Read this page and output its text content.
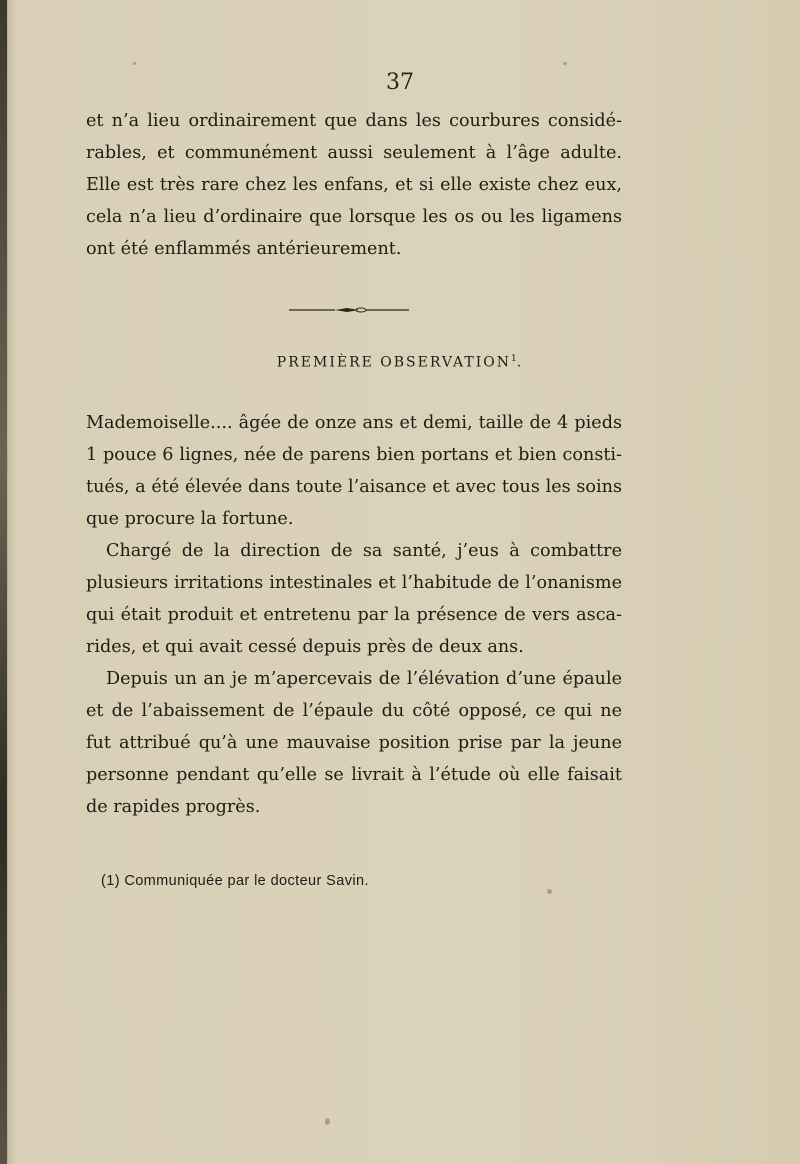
37
et n’a lieu ordinairement que dans les courbures considé-
rables, et communément aussi seulement à l’âge adulte.
Elle est très rare chez les enfans, et si elle existe chez eux,
cela n’a lieu d’ordinaire que lorsque les os ou les ligamens
ont été enflammés antérieurement.
PREMIÈRE OBSERVATION$^1$.
Mademoiselle.... âgée de onze ans et demi, taille de 4 pieds
1 pouce 6 lignes, née de parens bien portans et bien consti-
tués, a été élevée dans toute l’aisance et avec tous les soins
que procure la fortune.
Chargé de la direction de sa santé, j’eus à combattre
plusieurs irritations intestinales et l’habitude de l’onanisme
qui était produit et entretenu par la présence de vers asca-
rides, et qui avait cessé depuis près de deux ans.
Depuis un an je m’apercevais de l’élévation d’une épaule
et de l’abaissement de l’épaule du côté opposé, ce qui ne
fut attribué qu’à une mauvaise position prise par la jeune
personne pendant qu’elle se livrait à l’étude où elle faisait
de rapides progrès.
(1) Communiquée par le docteur Savin.
